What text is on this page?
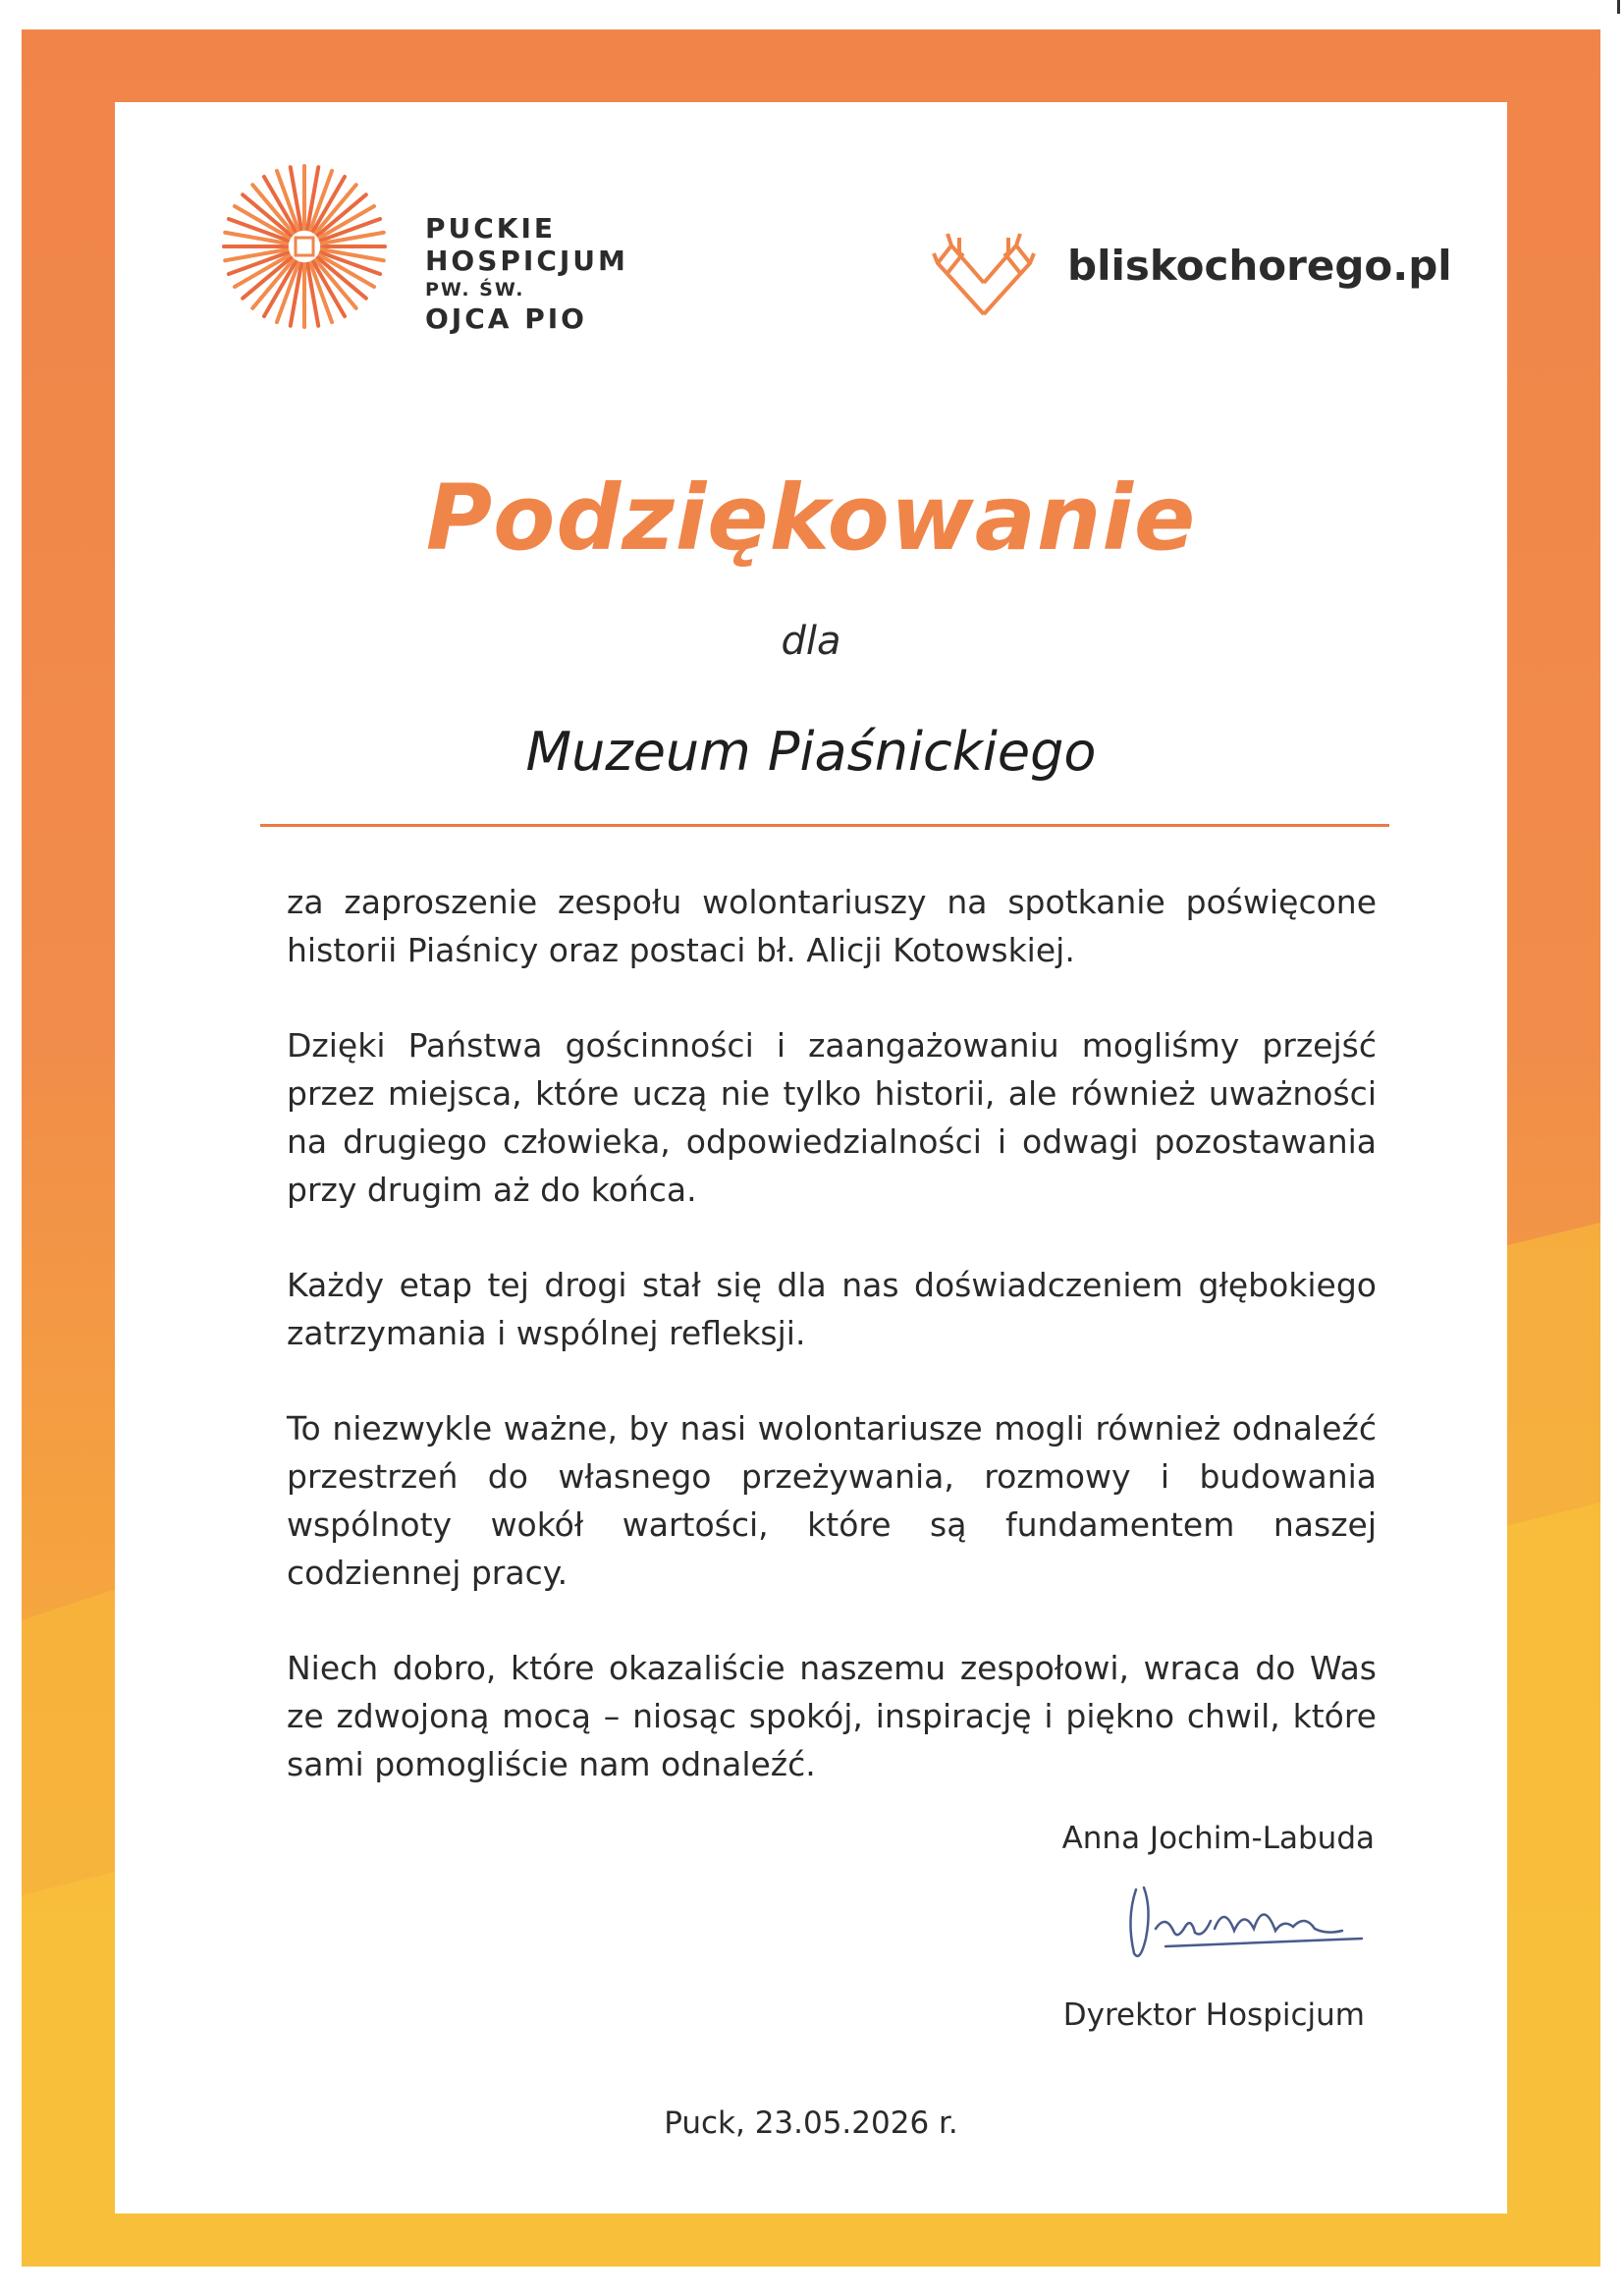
PUCKIE
HOSPICJUM
PW. ŚW.
OJCA PIO
bliskochorego.pl
Podziękowanie
dla
Muzeum Piaśnickiego

za zaproszenie zespołu wolontariuszy na spotkanie poświęcone historii Piaśnicy oraz postaci bł. Alicji Kotowskiej.

Dzięki Państwa gościnności i zaangażowaniu mogliśmy przejść przez miejsca, które uczą nie tylko historii, ale również uważności na drugiego człowieka, odpowiedzialności i odwagi pozostawania przy drugim aż do końca.

Każdy etap tej drogi stał się dla nas doświadczeniem głębokiego zatrzymania i wspólnej refleksji.

To niezwykle ważne, by nasi wolontariusze mogli również odnaleźć przestrzeń do własnego przeżywania, rozmowy i budowania wspólnoty wokół wartości, które są fundamentem naszej codziennej pracy.

Niech dobro, które okazaliście naszemu zespołowi, wraca do Was ze zdwojoną mocą – niosąc spokój, inspirację i piękno chwil, które sami pomogliście nam odnaleźć.

Anna Jochim-Labuda
Dyrektor Hospicjum
Puck, 23.05.2026 r.
